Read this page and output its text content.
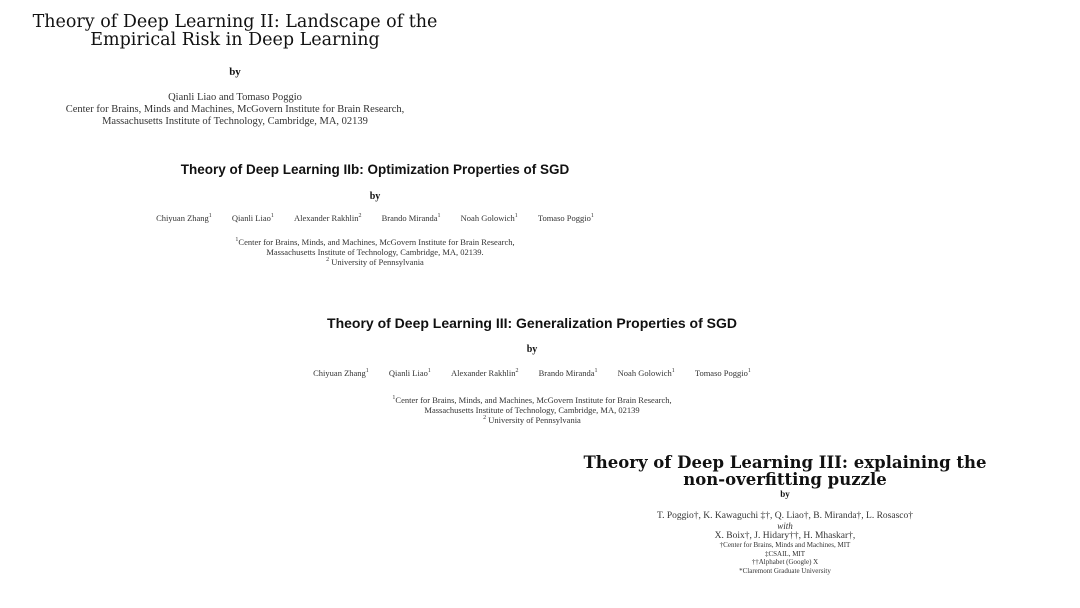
Theory of Deep Learning II: Landscape of the
Empirical Risk in Deep Learning
by
Qianli Liao and Tomaso Poggio
Center for Brains, Minds and Machines, McGovern Institute for Brain Research,
Massachusetts Institute of Technology, Cambridge, MA, 02139
Theory of Deep Learning IIb: Optimization Properties of SGD
by
Chiyuan Zhang$^1$ Qianli Liao$^1$ Alexander Rakhlin$^2$ Brando Miranda$^1$ Noah Golowich$^1$ Tomaso Poggio$^1$
$^1$Center for Brains, Minds, and Machines, McGovern Institute for Brain Research,
Massachusetts Institute of Technology, Cambridge, MA, 02139.
$^2$ University of Pennsylvania
Theory of Deep Learning III: Generalization Properties of SGD
by
Chiyuan Zhang$^1$ Qianli Liao$^1$ Alexander Rakhlin$^2$ Brando Miranda$^1$ Noah Golowich$^1$ Tomaso Poggio$^1$
$^1$Center for Brains, Minds, and Machines, McGovern Institute for Brain Research,
Massachusetts Institute of Technology, Cambridge, MA, 02139
$^2$ University of Pennsylvania
Theory of Deep Learning III: explaining the
non-overfitting puzzle
by
T. Poggio†, K. Kawaguchi ‡†, Q. Liao†, B. Miranda†, L. Rosasco†
with
X. Boix†, J. Hidary††, H. Mhaskar†,
†Center for Brains, Minds and Machines, MIT
‡CSAIL, MIT
††Alphabet (Google) X
*Claremont Graduate University
